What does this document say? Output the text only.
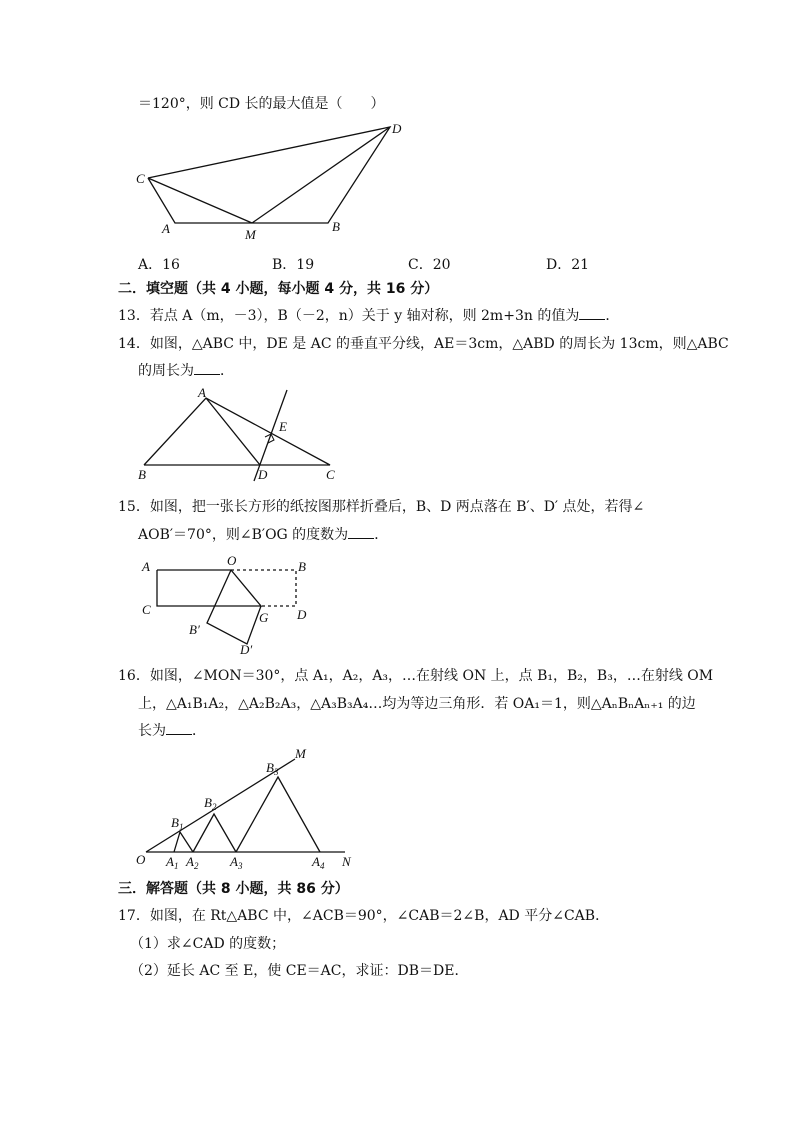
＝120°，则 CD 长的最大值是（　　）
C
A	M
B
D
A．16	B．19	C．20	D．21
二．填空题（共 4 小题，每小题 4 分，共 16 分）
13．若点 A（m，－3），B（－2，n）关于 y 轴对称，则 2m+3n 的值为 ．
14．如图，△ABC 中，DE 是 AC 的垂直平分线，AE＝3cm，△ABD 的周长为 13cm，则△ABC
的周长为 ．
A
B	D	C
E
15．如图，把一张长方形的纸按图那样折叠后，B、D 两点落在 B′、D′ 点处，若得∠
AOB′＝70°，则∠B′OG 的度数为 ．
A	O	B
C
G D
B′
D′
16．如图，∠MON＝30°，点 A₁，A₂，A₃，…在射线 ON 上，点 B₁，B₂，B₃，…在射线 OM
上，△A₁B₁A₂，△A₂B₂A₃，△A₃B₃A₄…均为等边三角形．若 OA₁＝1，则△AₙBₙAₙ₊₁ 的边
长为 ．
O	N
M
$A_1$ $A_2$ $A_3$	$A_4$
$B_1$
$B_2$
$B_3$
三．解答题（共 8 小题，共 86 分）
17．如图，在 Rt△ABC 中，∠ACB＝90°，∠CAB＝2∠B，AD 平分∠CAB．
（1）求∠CAD 的度数；
（2）延长 AC 至 E，使 CE＝AC，求证：DB＝DE．
